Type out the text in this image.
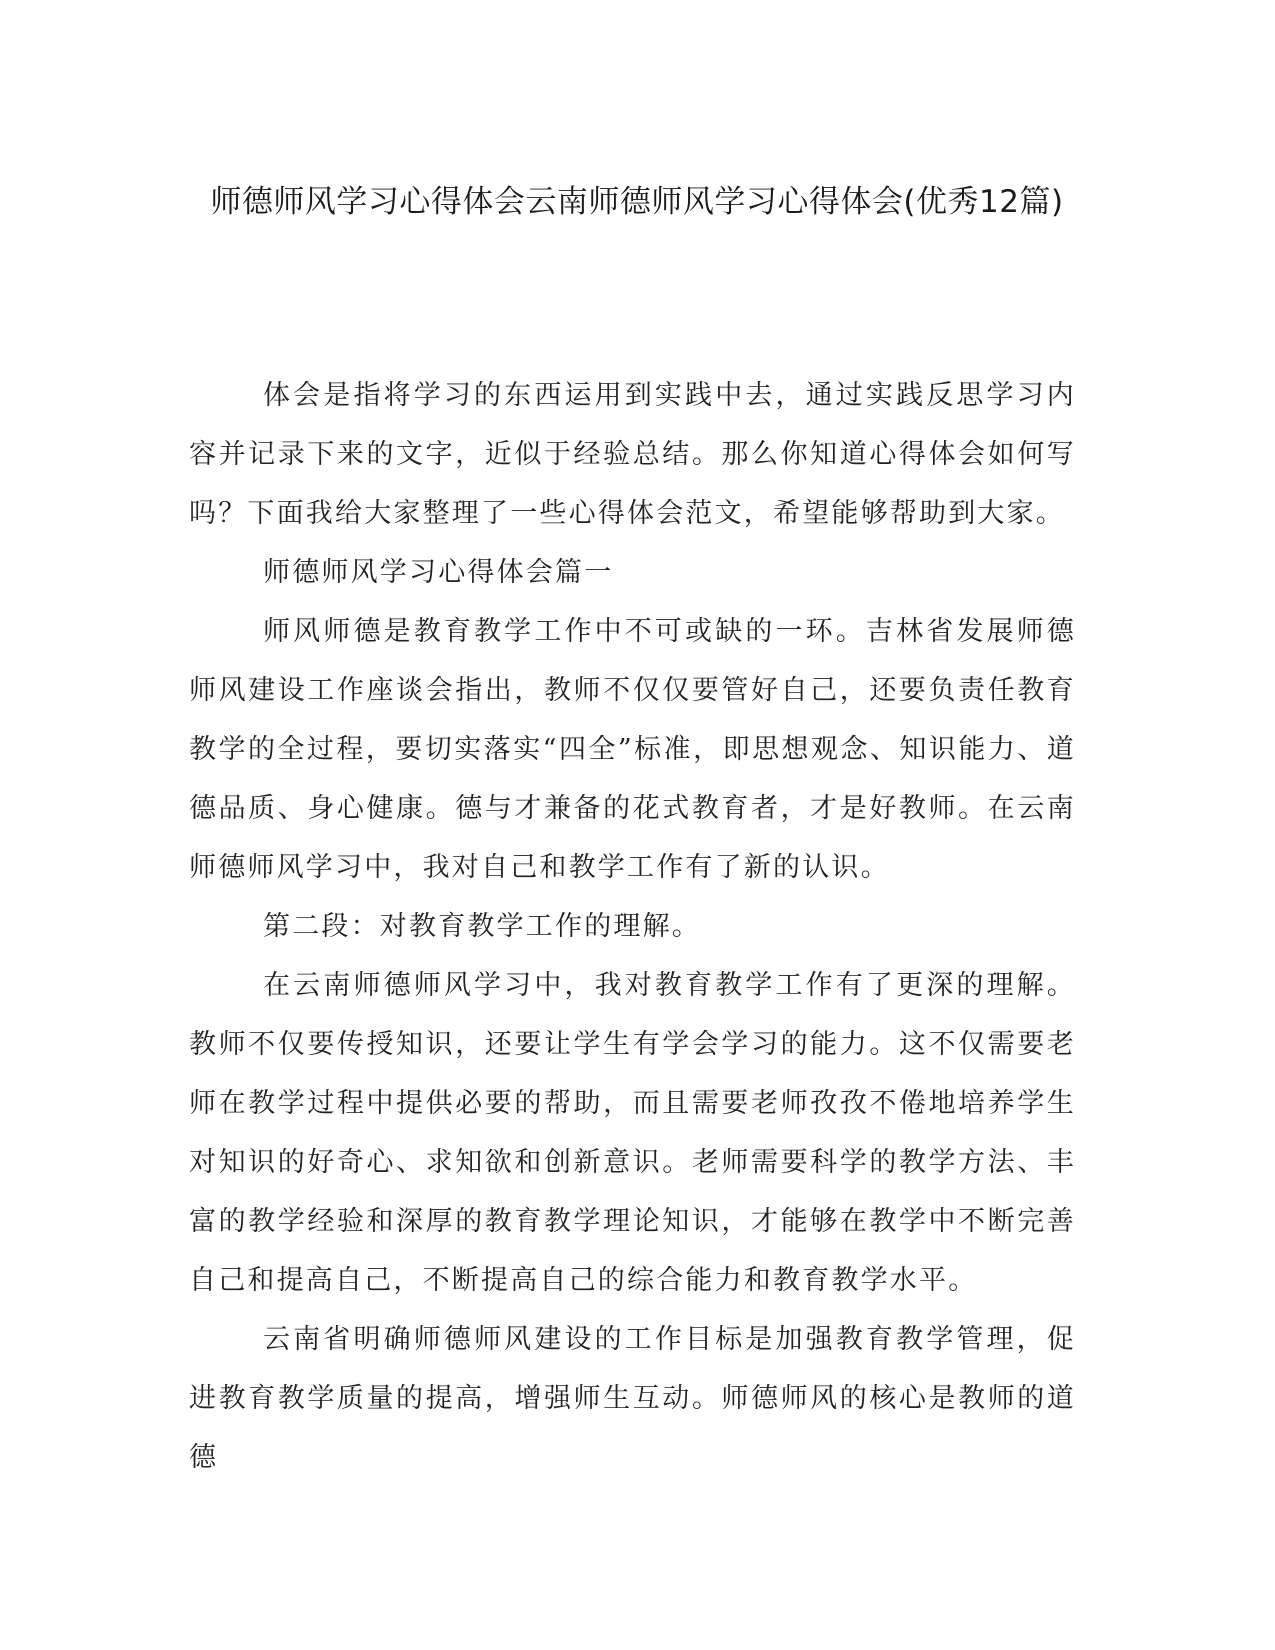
师德师风学习心得体会云南师德师风学习心得体会(优秀12篇)

体会是指将学习的东西运用到实践中去，通过实践反思学习内容并记录下来的文字，近似于经验总结。那么你知道心得体会如何写吗？下面我给大家整理了一些心得体会范文，希望能够帮助到大家。

师德师风学习心得体会篇一

师风师德是教育教学工作中不可或缺的一环。吉林省发展师德师风建设工作座谈会指出，教师不仅仅要管好自己，还要负责任教育教学的全过程，要切实落实“四全”标准，即思想观念、知识能力、道德品质、身心健康。德与才兼备的花式教育者，才是好教师。在云南师德师风学习中，我对自己和教学工作有了新的认识。

第二段：对教育教学工作的理解。

在云南师德师风学习中，我对教育教学工作有了更深的理解。教师不仅要传授知识，还要让学生有学会学习的能力。这不仅需要老师在教学过程中提供必要的帮助，而且需要老师孜孜不倦地培养学生对知识的好奇心、求知欲和创新意识。老师需要科学的教学方法、丰富的教学经验和深厚的教育教学理论知识，才能够在教学中不断完善自己和提高自己，不断提高自己的综合能力和教育教学水平。

云南省明确师德师风建设的工作目标是加强教育教学管理，促进教育教学质量的提高，增强师生互动。师德师风的核心是教师的道德
